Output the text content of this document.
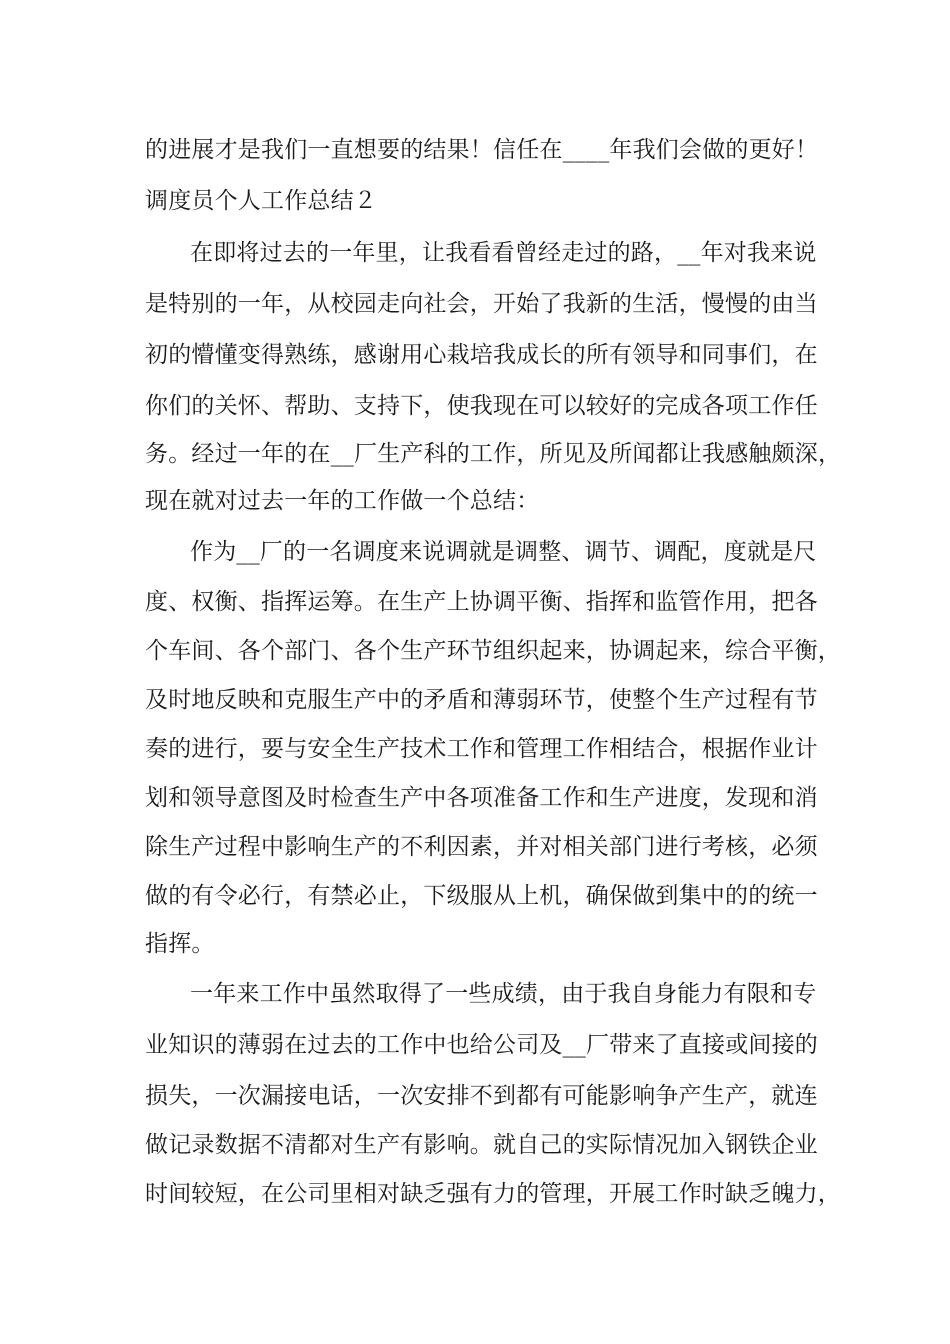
的进展才是我们一直想要的结果！信任在____年我们会做的更好！
调度员个人工作总结２
在即将过去的一年里，让我看看曾经走过的路，__年对我来说
是特别的一年，从校园走向社会，开始了我新的生活，慢慢的由当
初的懵懂变得熟练，感谢用心栽培我成长的所有领导和同事们，在
你们的关怀、帮助、支持下，使我现在可以较好的完成各项工作任
务。经过一年的在__厂生产科的工作，所见及所闻都让我感触颇深，
现在就对过去一年的工作做一个总结：
作为__厂的一名调度来说调就是调整、调节、调配，度就是尺
度、权衡、指挥运筹。在生产上协调平衡、指挥和监管作用，把各
个车间、各个部门、各个生产环节组织起来，协调起来，综合平衡，
及时地反映和克服生产中的矛盾和薄弱环节，使整个生产过程有节
奏的进行，要与安全生产技术工作和管理工作相结合，根据作业计
划和领导意图及时检查生产中各项准备工作和生产进度，发现和消
除生产过程中影响生产的不利因素，并对相关部门进行考核，必须
做的有令必行，有禁必止，下级服从上机，确保做到集中的的统一
指挥。
一年来工作中虽然取得了一些成绩，由于我自身能力有限和专
业知识的薄弱在过去的工作中也给公司及__厂带来了直接或间接的
损失，一次漏接电话，一次安排不到都有可能影响争产生产，就连
做记录数据不清都对生产有影响。就自己的实际情况加入钢铁企业
时间较短，在公司里相对缺乏强有力的管理，开展工作时缺乏魄力，
